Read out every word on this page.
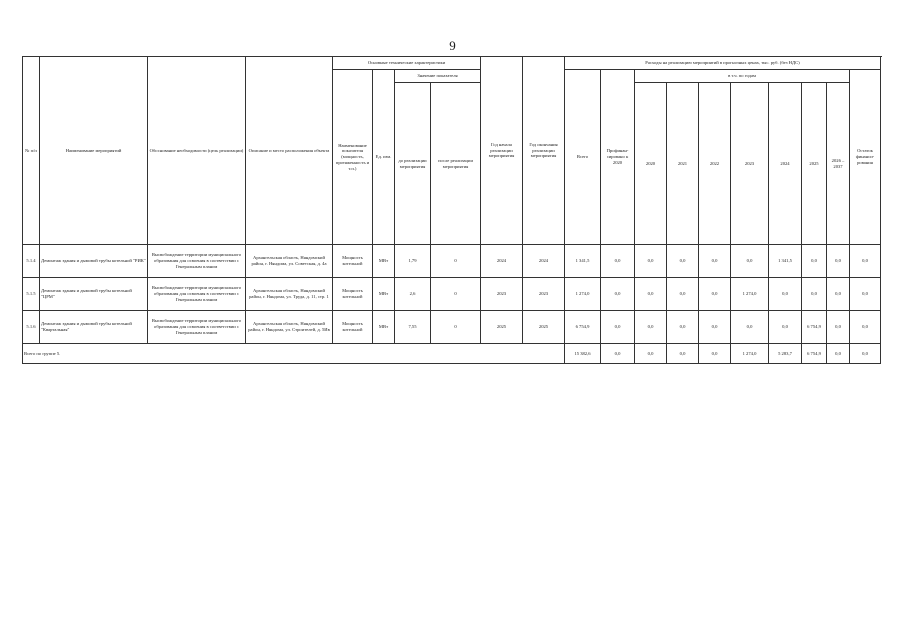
9
№ п/п	Наименование мероприятий	Обоснование необходимости (цель реализации)	Описание и место расположения объекта	Основные технические характеристики				Год начала реализации мероприятия	Год окончания реализации мероприятия	Расходы на реализацию мероприятий в прогнозных ценах, тыс. руб. (без НДС)										
				Наименование показателя (мощность, протяженность и т.п.)	Ед. изм.	Значение показателя				Всего	Профинан-сировано к 2020	в т.ч. по годам							Остаток финанси-рования	
						до реализации мероприятия	после реализации мероприятия					2020	2021	2022	2023	2024	2025	2026 – 2037		

5.1.4	Демонтаж здания и дымовой трубы котельной "РИК"	Высвобождение территории муниципального образования для освоения в соответствии с Генеральным планом	Архангельская область, Няндомский район, г. Няндома, ул. Советская, д. 4а	Мощность котельной	МВт	1,79	0	2024	2024	1 341,5	0,0	0,0	0,0	0,0	0,0	1 341,5	0,0	0,0	0,0	
5.1.5	Демонтаж здания и дымовой трубы котельной "ЦРМ"	Высвобождение территории муниципального образования для освоения в соответствии с Генеральным планом	Архангельская область, Няндомский район, г. Няндома, ул. Труда, д. 11, стр. 1	Мощность котельной	МВт	2,6	0	2023	2023	1 274,0	0,0	0,0	0,0	0,0	1 274,0	0,0	0,0	0,0	0,0	
5.1.6	Демонтаж здания и дымовой трубы котельной "Квартальная"	Высвобождение территории муниципального образования для освоения в соответствии с Генеральным планом	Архангельская область, Няндомский район, г. Няндома, ул. Строителей, д. 5Ив	Мощность котельной	МВт	7,55	0	2025	2025	6 754,9	0,0	0,0	0,0	0,0	0,0	0,0	6 754,9	0,0	0,0	
Всего по группе 5.										15 382,6	0,0	0,0	0,0	0,0	1 274,0	5 283,7	6 754,9	0,0	0,0	
